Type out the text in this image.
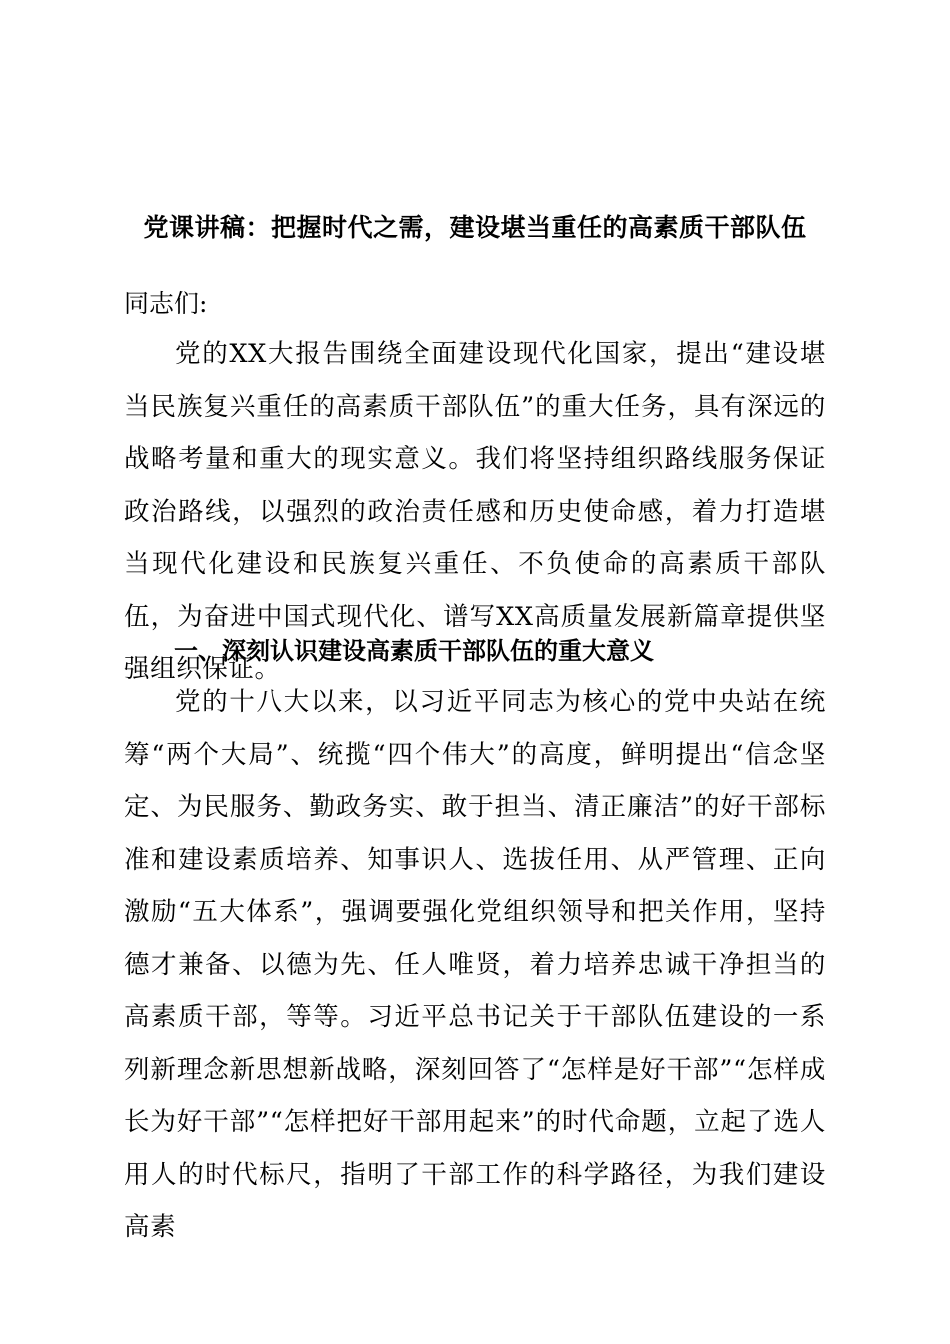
党课讲稿：把握时代之需，建设堪当重任的高素质干部队伍
同志们:
党的XX大报告围绕全面建设现代化国家，提出“建设堪当民族复兴重任的高素质干部队伍”的重大任务，具有深远的战略考量和重大的现实意义。我们将坚持组织路线服务保证政治路线，以强烈的政治责任感和历史使命感，着力打造堪当现代化建设和民族复兴重任、不负使命的高素质干部队伍，为奋进中国式现代化、谱写XX高质量发展新篇章提供坚强组织保证。
一、深刻认识建设高素质干部队伍的重大意义
党的十八大以来，以习近平同志为核心的党中央站在统筹“两个大局”、统揽“四个伟大”的高度，鲜明提出“信念坚定、为民服务、勤政务实、敢于担当、清正廉洁”的好干部标准和建设素质培养、知事识人、选拔任用、从严管理、正向激励“五大体系”，强调要强化党组织领导和把关作用，坚持德才兼备、以德为先、任人唯贤，着力培养忠诚干净担当的高素质干部，等等。习近平总书记关于干部队伍建设的一系列新理念新思想新战略，深刻回答了“怎样是好干部”“怎样成长为好干部”“怎样把好干部用起来”的时代命题，立起了选人用人的时代标尺，指明了干部工作的科学路径，为我们建设高素
